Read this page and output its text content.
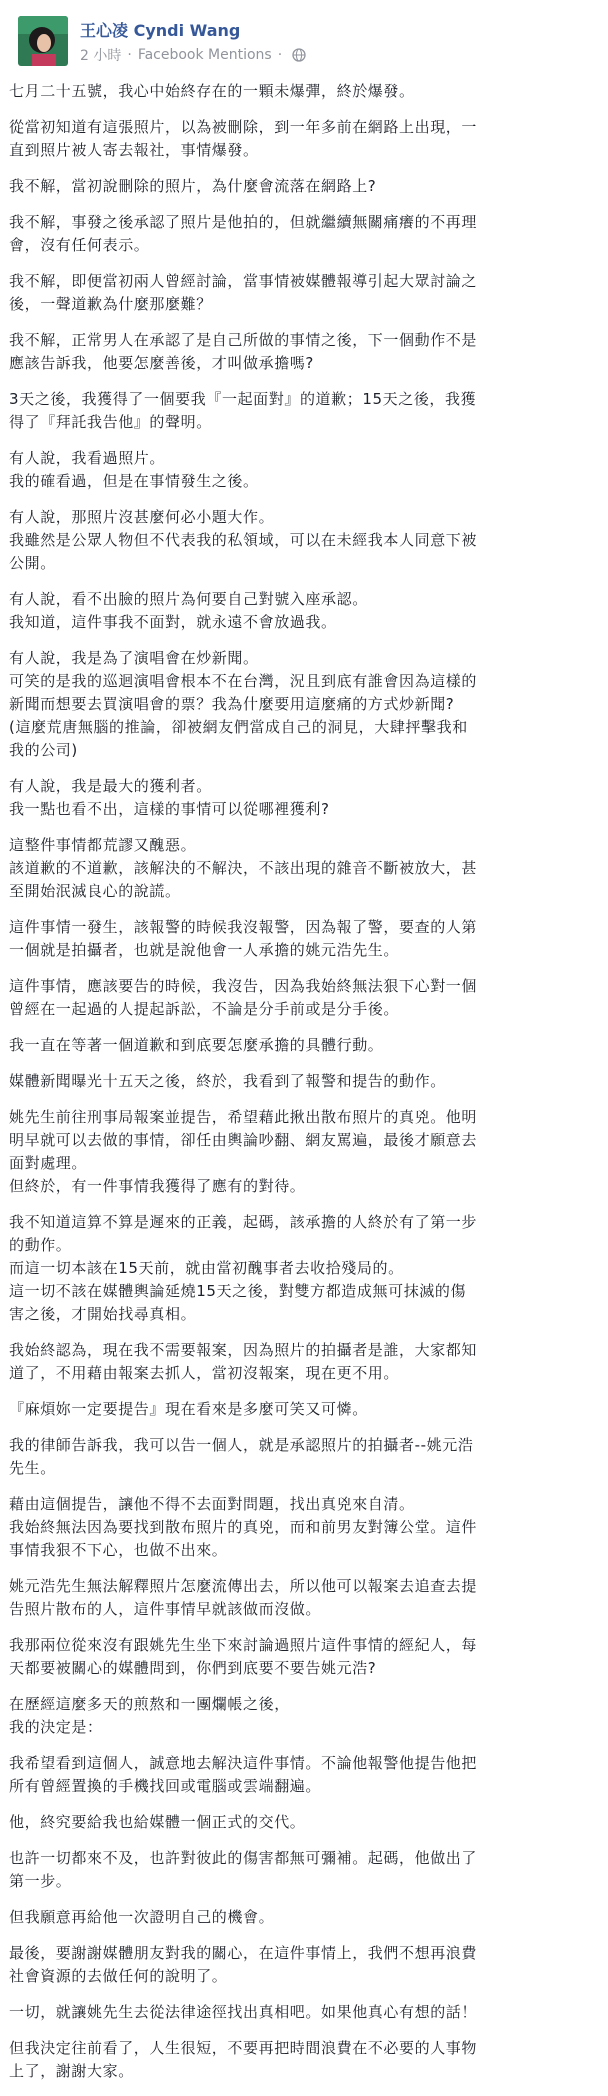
王心凌 Cyndi Wang
2 小時 · Facebook Mentions ·
七月二十五號，我心中始終存在的一顆未爆彈，終於爆發。
從當初知道有這張照片，以為被刪除，到一年多前在網路上出現，一
直到照片被人寄去報社，事情爆發。
我不解，當初說刪除的照片，為什麼會流落在網路上?
我不解，事發之後承認了照片是他拍的，但就繼續無關痛癢的不再理
會，沒有任何表示。
我不解，即便當初兩人曾經討論，當事情被媒體報導引起大眾討論之
後，一聲道歉為什麼那麼難？
我不解，正常男人在承認了是自己所做的事情之後，下一個動作不是
應該告訴我，他要怎麼善後，才叫做承擔嗎?
3天之後，我獲得了一個要我『一起面對』的道歉；15天之後，我獲
得了『拜託我告他』的聲明。
有人說，我看過照片。
我的確看過，但是在事情發生之後。
有人說，那照片沒甚麼何必小題大作。
我雖然是公眾人物但不代表我的私領域，可以在未經我本人同意下被
公開。
有人說，看不出臉的照片為何要自己對號入座承認。
我知道，這件事我不面對，就永遠不會放過我。
有人說，我是為了演唱會在炒新聞。
可笑的是我的巡迴演唱會根本不在台灣，況且到底有誰會因為這樣的
新聞而想要去買演唱會的票？我為什麼要用這麼痛的方式炒新聞?
(這麼荒唐無腦的推論，卻被網友們當成自己的洞見，大肆抨擊我和
我的公司)
有人說，我是最大的獲利者。
我一點也看不出，這樣的事情可以從哪裡獲利?
這整件事情都荒謬又醜惡。
該道歉的不道歉，該解決的不解決，不該出現的雜音不斷被放大，甚
至開始泯滅良心的說謊。
這件事情一發生，該報警的時候我沒報警，因為報了警，要查的人第
一個就是拍攝者，也就是說他會一人承擔的姚元浩先生。
這件事情，應該要告的時候，我沒告，因為我始終無法狠下心對一個
曾經在一起過的人提起訴訟，不論是分手前或是分手後。
我一直在等著一個道歉和到底要怎麼承擔的具體行動。
媒體新聞曝光十五天之後，終於，我看到了報警和提告的動作。
姚先生前往刑事局報案並提告，希望藉此揪出散布照片的真兇。他明
明早就可以去做的事情，卻任由輿論吵翻、網友罵遍，最後才願意去
面對處理。
但終於，有一件事情我獲得了應有的對待。
我不知道這算不算是遲來的正義，起碼，該承擔的人終於有了第一步
的動作。
而這一切本該在15天前，就由當初醜事者去收拾殘局的。
這一切不該在媒體輿論延燒15天之後，對雙方都造成無可抹滅的傷
害之後，才開始找尋真相。
我始終認為，現在我不需要報案，因為照片的拍攝者是誰，大家都知
道了，不用藉由報案去抓人，當初沒報案，現在更不用。
『麻煩妳一定要提告』現在看來是多麼可笑又可憐。
我的律師告訴我，我可以告一個人，就是承認照片的拍攝者--姚元浩
先生。
藉由這個提告，讓他不得不去面對問題，找出真兇來自清。
我始終無法因為要找到散布照片的真兇，而和前男友對簿公堂。這件
事情我狠不下心，也做不出來。
姚元浩先生無法解釋照片怎麼流傳出去，所以他可以報案去追查去提
告照片散布的人，這件事情早就該做而沒做。
我那兩位從來沒有跟姚先生坐下來討論過照片這件事情的經紀人，每
天都要被關心的媒體問到，你們到底要不要告姚元浩?
在歷經這麼多天的煎熬和一團爛帳之後，
我的決定是：
我希望看到這個人，誠意地去解決這件事情。不論他報警他提告他把
所有曾經置換的手機找回或電腦或雲端翻遍。
他，終究要給我也給媒體一個正式的交代。
也許一切都來不及，也許對彼此的傷害都無可彌補。起碼，他做出了
第一步。
但我願意再給他一次證明自己的機會。
最後，要謝謝媒體朋友對我的關心，在這件事情上，我們不想再浪費
社會資源的去做任何的說明了。
一切，就讓姚先生去從法律途徑找出真相吧。如果他真心有想的話！
但我決定往前看了，人生很短，不要再把時間浪費在不必要的人事物
上了，謝謝大家。
